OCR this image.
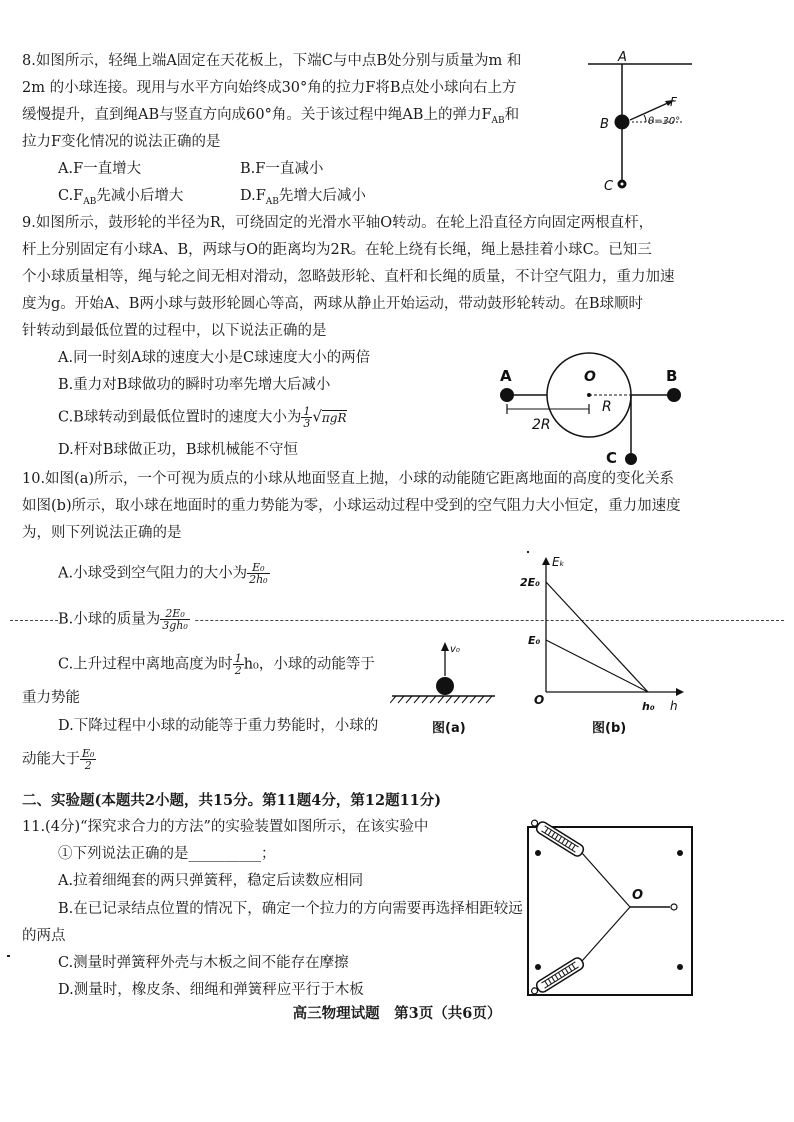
8.如图所示，轻绳上端A固定在天花板上，下端C与中点B处分别与质量为m 和
2m 的小球连接。现用与水平方向始终成30°角的拉力F将B点处小球向右上方
缓慢提升，直到绳AB与竖直方向成60°角。关于该过程中绳AB上的弹力$F_{AB}$和
拉力F变化情况的说法正确的是
A.F一直增大	B.F一直减小
$C.F_{AB}$先减小后增大	$D.F_{AB}$先增大后减小
A
B
C
F
θ=30°
9.如图所示，鼓形轮的半径为R，可绕固定的光滑水平轴O转动。在轮上沿直径方向固定两根直杆，
杆上分别固定有小球A、B，两球与O的距离均为2R。在轮上绕有长绳，绳上悬挂着小球C。已知三
个小球质量相等，绳与轮之间无相对滑动，忽略鼓形轮、直杆和长绳的质量，不计空气阻力，重力加速
度为g。开始A、B两小球与鼓形轮圆心等高，两球从静止开始运动，带动鼓形轮转动。在B球顺时
针转动到最低位置的过程中，以下说法正确的是
A.同一时刻A球的速度大小是C球速度大小的两倍
B.重力对B球做功的瞬时功率先增大后减小
C.B球转动到最低位置时的速度大小为 $\frac{1}{3} √\pi gR$
D.杆对B球做正功，B球机械能不守恒
A	B
C
O
R
2R
10.如图(a)所示，一个可视为质点的小球从地面竖直上抛，小球的动能随它距离地面的高度的变化关系
如图(b)所示，取小球在地面时的重力势能为零，小球运动过程中受到的空气阻力大小恒定，重力加速度
为，则下列说法正确的是
A.小球受到空气阻力的大小为 $\frac{\text{E₀}}{\text{2h₀}}$
B.小球的质量为 $\frac{\text{2E₀}}{\text{3gh₀}}$
C.上升过程中离地高度为时 $\frac{1}{2} h_0$，小球的动能等于
重力势能
D.下降过程中小球的动能等于重力势能时，小球的
动能大于 $\frac{\text{E₀}}{2}$
v₀
图(a)
Eₖ
h
O
2E₀
E₀
h₀
图(b)
二、实验题(本题共2小题，共15分。第11题4分，第12题11分)
11.(4分)“探究求合力的方法”的实验装置如图所示，在该实验中
①下列说法正确的是__________；
A.拉着细绳套的两只弹簧秤，稳定后读数应相同
B.在已记录结点位置的情况下，确定一个拉力的方向需要再选择相距较远
的两点
C.测量时弹簧秤外壳与木板之间不能存在摩擦
D.测量时，橡皮条、细绳和弹簧秤应平行于木板
O
高三物理试题　第3页（共6页）
